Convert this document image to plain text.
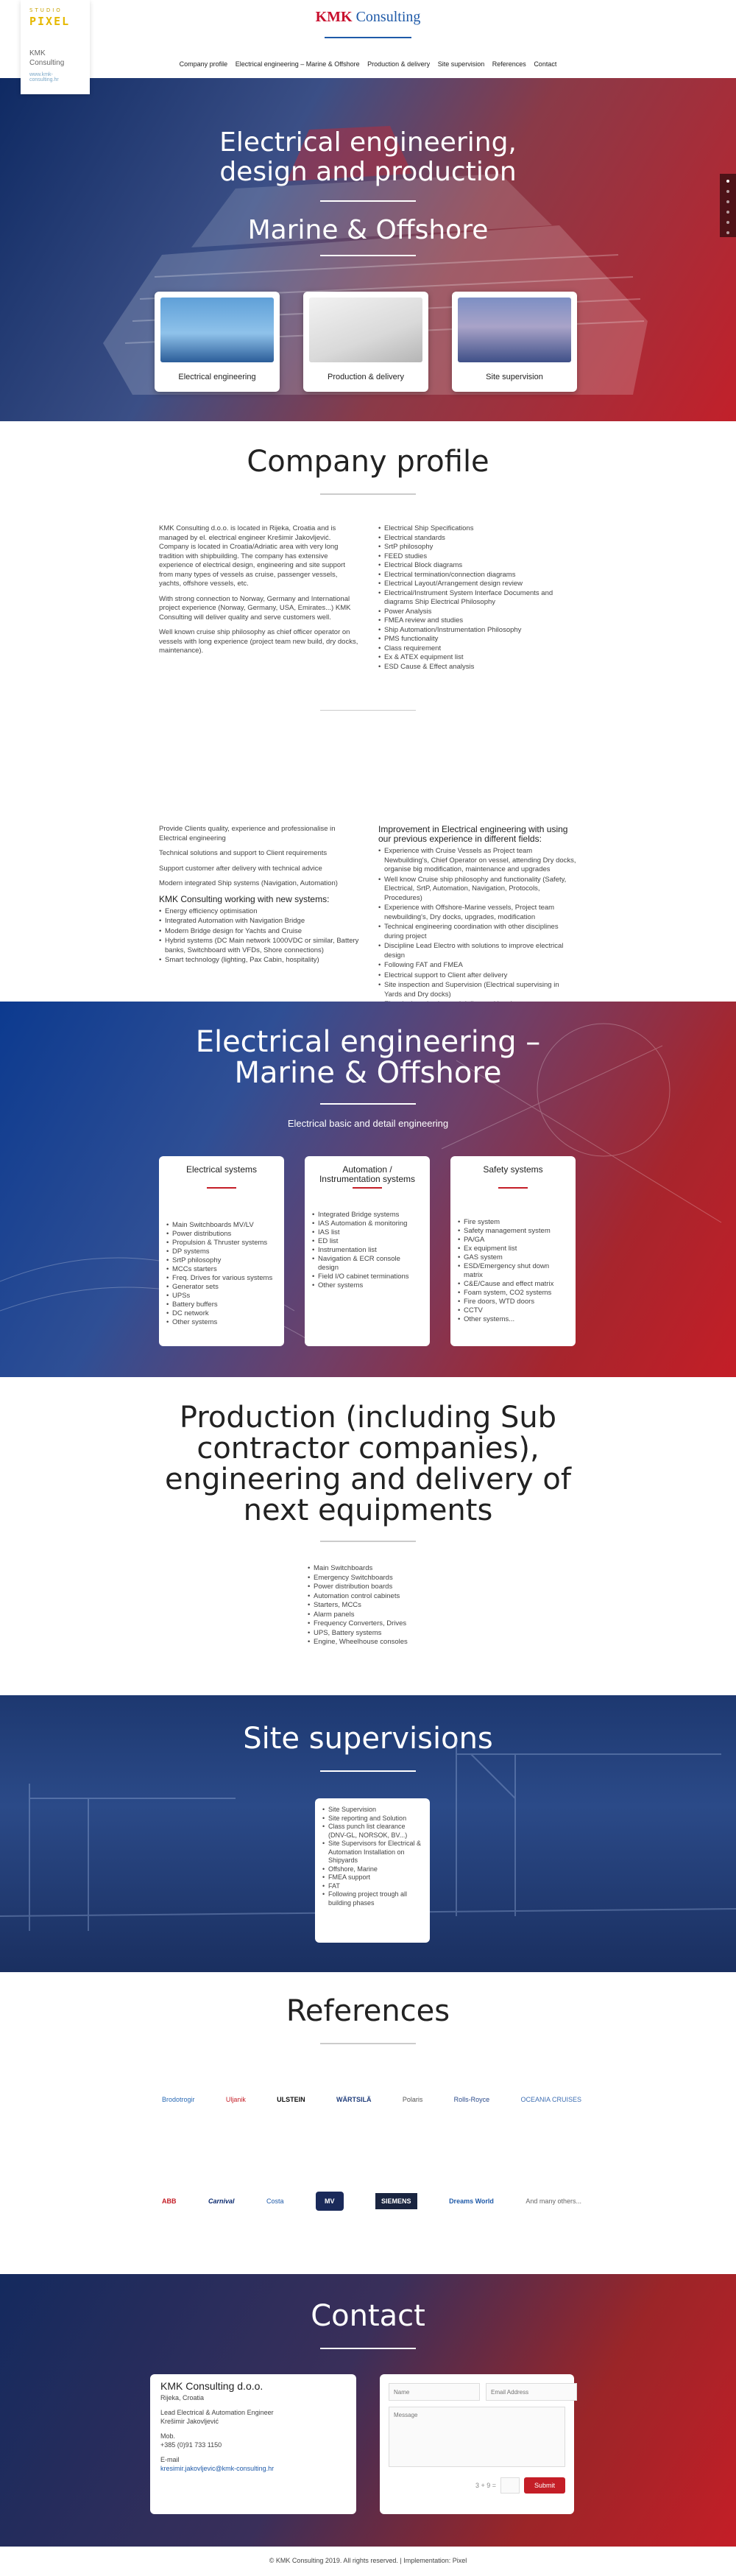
STUDIO
PIXEL
KMK
Consulting
www.kmk-consulting.hr
KMK Consulting
Company profile Electrical engineering – Marine & Offshore Production & delivery Site supervision References Contact
Electrical engineering,
design and production
Marine & Offshore
Electrical engineering	Production & delivery	Site supervision
Company profile

KMK Consulting d.o.o. is located in Rijeka, Croatia and is managed by el. electrical engineer Krešimir Jakovljević. Company is located in Croatia/Adriatic area with very long tradition with shipbuilding. The company has extensive experience of electrical design, engineering and site support from many types of vessels as cruise, passenger vessels, yachts, offshore vessels, etc.

With strong connection to Norway, Germany and International project experience (Norway, Germany, USA, Emirates...) KMK Consulting will deliver quality and serve customers well.

Well known cruise ship philosophy as chief officer operator on vessels with long experience (project team new build, dry docks, maintenance).

• Electrical Ship Specifications
• Electrical standards
• SrtP philosophy
• FEED studies
• Electrical Block diagrams
• Electrical termination/connection diagrams
• Electrical Layout/Arrangement design review
• Electrical/Instrument System Interface Documents and diagrams Ship Electrical Philosophy
• Power Analysis
• FMEA review and studies
• Ship Automation/Instrumentation Philosophy
• PMS functionality
• Class requirement
• Ex & ATEX equipment list
• ESD Cause & Effect analysis

Provide Clients quality, experience and professionalise in Electrical engineering

Technical solutions and support to Client requirements

Support customer after delivery with technical advice

Modern integrated Ship systems (Navigation, Automation)

KMK Consulting working with new systems:
• Energy efficiency optimisation
• Integrated Automation with Navigation Bridge
• Modern Bridge design for Yachts and Cruise
• Hybrid systems (DC Main network 1000VDC or similar, Battery banks, Switchboard with VFDs, Shore connections)
• Smart technology (lighting, Pax Cabin, hospitality)
Improvement in Electrical engineering with using our previous experience in different fields:
• Experience with Cruise Vessels as Project team Newbuilding's, Chief Operator on vessel, attending Dry docks, organise big modification, maintenance and upgrades
• Well know Cruise ship philosophy and functionality (Safety, Electrical, SrtP, Automation, Navigation, Protocols, Procedures)
• Experience with Offshore-Marine vessels, Project team newbuilding's, Dry docks, upgrades, modification
• Technical engineering coordination with other disciplines during project
• Discipline Lead Electro with solutions to improve electrical design
• Following FAT and FMEA
• Electrical support to Client after delivery
• Site inspection and Supervision (Electrical supervising in Yards and Dry docks)
•
Electrical engineering –
Marine & Offshore
Electrical basic and detail engineering
Electrical systems
• Main Switchboards MV/LV
• Power distributions
• Propulsion & Thruster systems
• DP systems
• SrtP philosophy
• MCCs starters
• Freq. Drives for various systems
• Generator sets
• UPSs
• Battery buffers
• DC network
• Other systems
Automation / Instrumentation systems
• Integrated Bridge systems
• IAS Automation & monitoring
• IAS list
• ED list
• Instrumentation list
• Navigation & ECR console design
• Field I/O cabinet terminations
• Other systems
Safety systems
• Fire system
• Safety management system
• PA/GA
• Ex equipment list
• GAS system
• ESD/Emergency shut down matrix
• C&E/Cause and effect matrix
• Foam system, CO2 systems
• Fire doors, WTD doors
• CCTV
• Other systems...
Production (including Sub
contractor companies),
engineering and delivery of
next equipments
• Main Switchboards
• Emergency Switchboards
• Power distribution boards
• Automation control cabinets
• Starters, MCCs
• Alarm panels
• Frequency Converters, Drives
• UPS, Battery systems
• Engine, Wheelhouse consoles
Site supervisions
• Site Supervision
• Site reporting and Solution
• Class punch list clearance (DNV-GL, NORSOK, BV...)
• Site Supervisors for Electrical & Automation Installation on Shipyards
• Offshore, Marine
• FMEA support
• FAT
• Following project trough all building phases
References
Brodotrogir	Uljanik	ULSTEIN	WÄRTSILÄ	Polaris	Rolls-Royce	OCEANIA CRUISES
ABB	Carnival	Costa	MV	SIEMENS	Dreams World	And many others...
Contact
KMK Consulting d.o.o.
Rijeka, Croatia
Lead Electrical & Automation Engineer
Krešimir Jakovljević
Mob.
+385 (0)91 733 1150
E-mail
kresimir.jakovljevic@kmk-consulting.hr
Name
Email Address
Message
3 + 9 =	Submit
© KMK Consulting 2019. All rights reserved. | Implementation: Pixel
